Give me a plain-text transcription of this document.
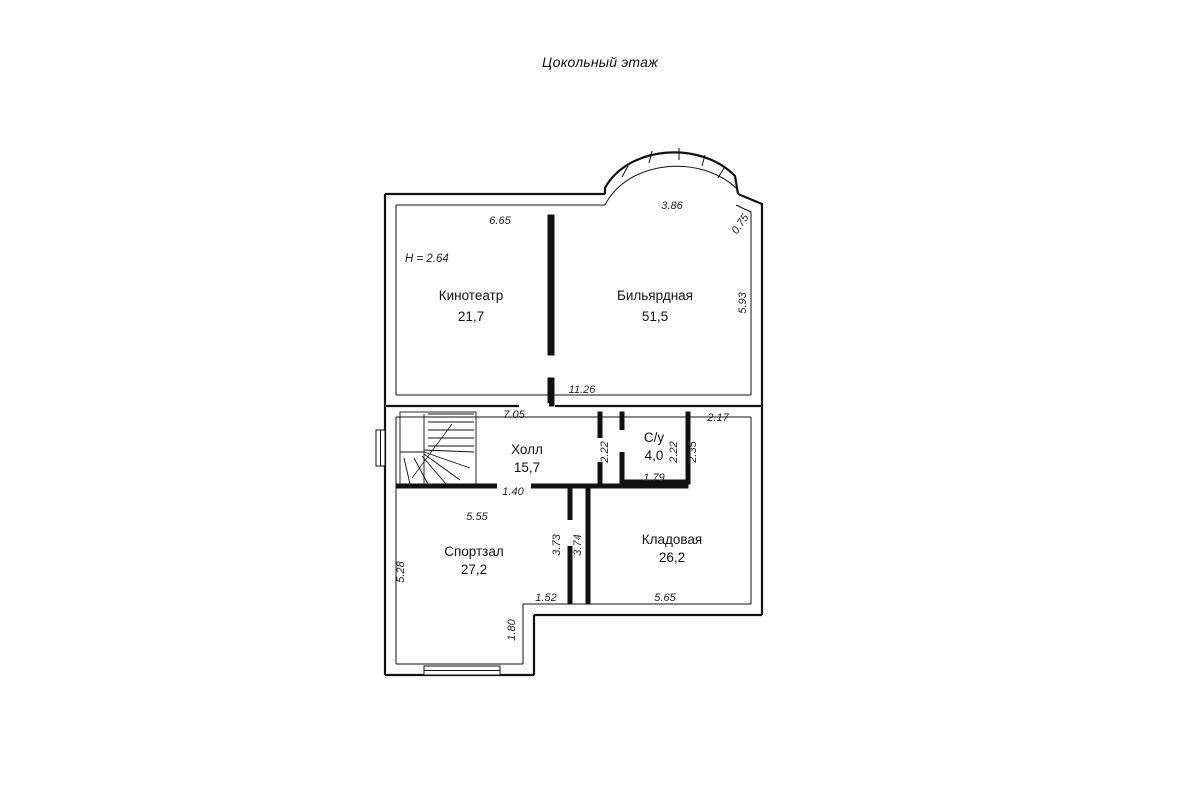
Цокольный этаж
Кинотеатр
21,7
Бильярдная
51,5
Холл
15,7
С/у
4,0
Кладовая
26,2
Спортзал
27,2
H = 2.64
6.65
3.86
0.75
5.93
11.26
7.05	2.17
2.22	2.22 2.35
1.79
1.40
5.55
3.73 3.74
5.28
1.52	5.65
1.80
